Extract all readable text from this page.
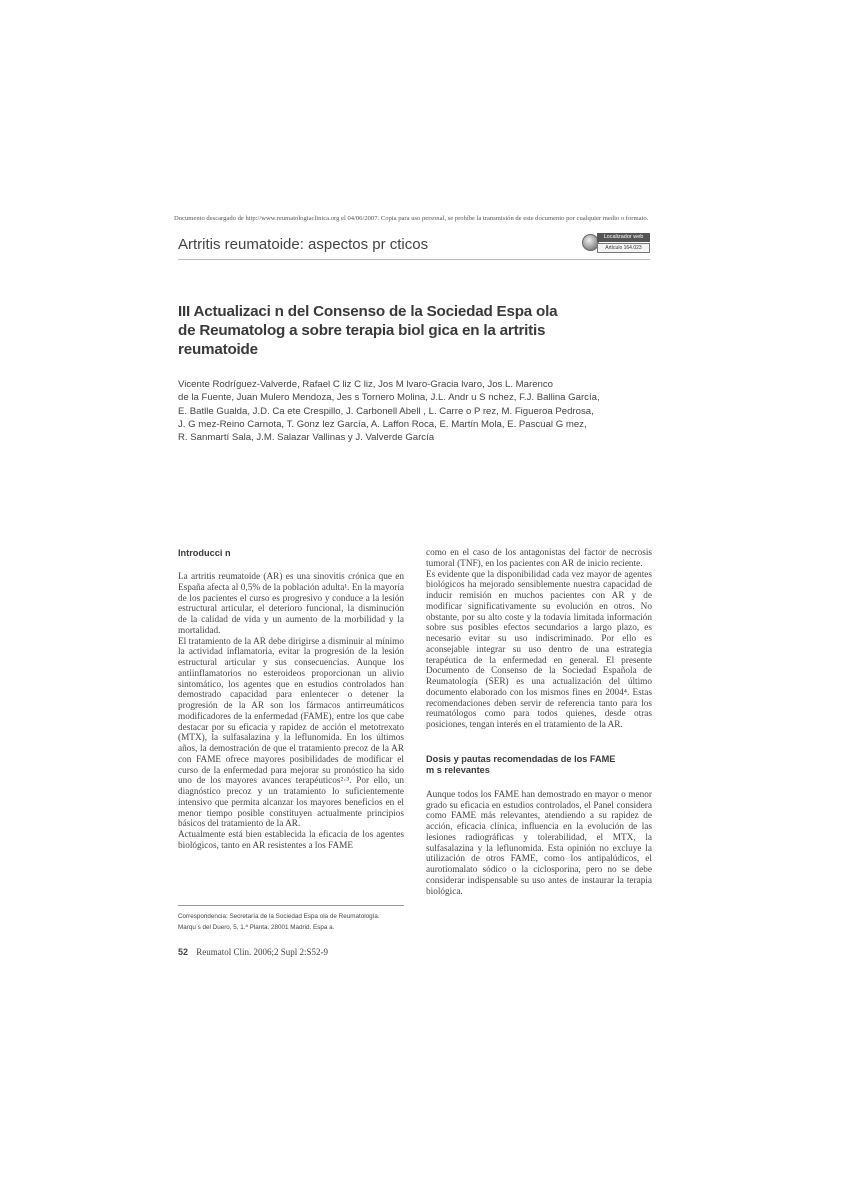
Documento descargado de http://www.reumatologiaclinica.org el 04/06/2007. Copia para uso personal, se prohíbe la transmisión de este documento por cualquier medio o formato.
Artritis reumatoide: aspectos pr cticos	Localizador web
Artículo 164.023
III Actualizaci n del Consenso de la Sociedad Espa ola
de Reumatolog a sobre terapia biol gica en la artritis
reumatoide
Vicente Rodríguez-Valverde, Rafael C liz C liz, Jos M lvaro-Gracia lvaro, Jos L. Marenco
de la Fuente, Juan Mulero Mendoza, Jes s Tornero Molina, J.L. Andr u S nchez, F.J. Ballina García,
E. Batlle Gualda, J.D. Ca ete Crespillo, J. Carbonell Abell , L. Carre o P rez, M. Figueroa Pedrosa,
J. G mez-Reino Carnota, T. Gonz lez García, A. Laffon Roca, E. Martín Mola, E. Pascual G mez,
R. Sanmartí Sala, J.M. Salazar Vallinas y J. Valverde García
Introducci n

La artritis reumatoide (AR) es una sinovitis crónica que en España afecta al 0,5% de la población adulta¹. En la mayoría de los pacientes el curso es progresivo y conduce a la lesión estructural articular, el deterioro funcional, la disminución de la calidad de vida y un aumento de la morbilidad y la mortalidad.

El tratamiento de la AR debe dirigirse a disminuir al mínimo la actividad inflamatoria, evitar la progresión de la lesión estructural articular y sus consecuencias. Aunque los antiinflamatorios no esteroideos proporcionan un alivio sintomático, los agentes que en estudios controlados han demostrado capacidad para enlentecer o detener la progresión de la AR son los fármacos antirreumáticos modificadores de la enfermedad (FAME), entre los que cabe destacar por su eficacia y rapidez de acción el metotrexato (MTX), la sulfasalazina y la leflunomida. En los últimos años, la demostración de que el tratamiento precoz de la AR con FAME ofrece mayores posibilidades de modificar el curso de la enfermedad para mejorar su pronóstico ha sido uno de los mayores avances terapéuticos²·³. Por ello, un diagnóstico precoz y un tratamiento lo suficientemente intensivo que permita alcanzar los mayores beneficios en el menor tiempo posible constituyen actualmente principios básicos del tratamiento de la AR.

Actualmente está bien establecida la eficacia de los agentes biológicos, tanto en AR resistentes a los FAME

como en el caso de los antagonistas del factor de necrosis tumoral (TNF), en los pacientes con AR de inicio reciente.

Es evidente que la disponibilidad cada vez mayor de agentes biológicos ha mejorado sensiblemente nuestra capacidad de inducir remisión en muchos pacientes con AR y de modificar significativamente su evolución en otros. No obstante, por su alto coste y la todavía limitada información sobre sus posibles efectos secundarios a largo plazo, es necesario evitar su uso indiscriminado. Por ello es aconsejable integrar su uso dentro de una estrategia terapéutica de la enfermedad en general. El presente Documento de Consenso de la Sociedad Española de Reumatología (SER) es una actualización del último documento elaborado con los mismos fines en 2004⁴. Estas recomendaciones deben servir de referencia tanto para los reumatólogos como para todos quienes, desde otras posiciones, tengan interés en el tratamiento de la AR.

Dosis y pautas recomendadas de los FAME
m s relevantes

Aunque todos los FAME han demostrado en mayor o menor grado su eficacia en estudios controlados, el Panel considera como FAME más relevantes, atendiendo a su rapidez de acción, eficacia clínica, influencia en la evolución de las lesiones radiográficas y tolerabilidad, el MTX, la sulfasalazina y la leflunomida. Esta opinión no excluye la utilización de otros FAME, como los antipalúdicos, el aurotiomalato sódico o la ciclosporina, pero no se debe considerar indispensable su uso antes de instaurar la terapia biológica.

Correspondencia: Secretaría de la Sociedad Espa ola de Reumatología.
Marqu s del Duero, 5, 1.ª Planta. 28001 Madrid. Espa a.
52 Reumatol Clin. 2006;2 Supl 2:S52-9
